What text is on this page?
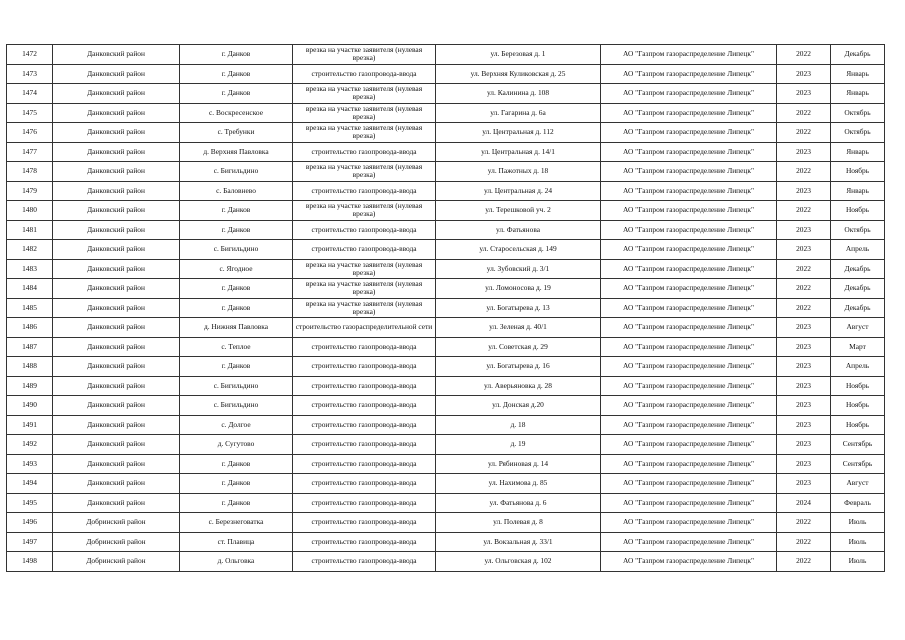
1472	Данковский район	г. Данков	врезка на участке заявителя (нулевая врезка)	ул. Березовая д. 1	АО "Газпром газораспределение Липецк"	2022	Декабрь
1473	Данковский район	г. Данков	строительство газопровода-ввода	ул. Верхняя Куликовская д. 25	АО "Газпром газораспределение Липецк"	2023	Январь
1474	Данковский район	г. Данков	врезка на участке заявителя (нулевая врезка)	ул. Калинина д. 108	АО "Газпром газораспределение Липецк"	2023	Январь
1475	Данковский район	с. Воскресенское	врезка на участке заявителя (нулевая врезка)	ул. Гагарина д. 6а	АО "Газпром газораспределение Липецк"	2022	Октябрь
1476	Данковский район	с. Требунки	врезка на участке заявителя (нулевая врезка)	ул. Центральная д. 112	АО "Газпром газораспределение Липецк"	2022	Октябрь
1477	Данковский район	д. Верхняя Павловка	строительство газопровода-ввода	ул. Центральная д. 14/1	АО "Газпром газораспределение Липецк"	2023	Январь
1478	Данковский район	с. Бигильдино	врезка на участке заявителя (нулевая врезка)	ул. Пажотных д. 18	АО "Газпром газораспределение Липецк"	2022	Ноябрь
1479	Данковский район	с. Баловнево	строительство газопровода-ввода	ул. Центральная д. 24	АО "Газпром газораспределение Липецк"	2023	Январь
1480	Данковский район	г. Данков	врезка на участке заявителя (нулевая врезка)	ул. Терешковой уч. 2	АО "Газпром газораспределение Липецк"	2022	Ноябрь
1481	Данковский район	г. Данков	строительство газопровода-ввода	ул. Фатьянова	АО "Газпром газораспределение Липецк"	2023	Октябрь
1482	Данковский район	с. Бигильдино	строительство газопровода-ввода	ул. Старосельская д. 149	АО "Газпром газораспределение Липецк"	2023	Апрель
1483	Данковский район	с. Ягодное	врезка на участке заявителя (нулевая врезка)	ул. Зубовский д. 3/1	АО "Газпром газораспределение Липецк"	2022	Декабрь
1484	Данковский район	г. Данков	врезка на участке заявителя (нулевая врезка)	ул. Ломоносова д. 19	АО "Газпром газораспределение Липецк"	2022	Декабрь
1485	Данковский район	г. Данков	врезка на участке заявителя (нулевая врезка)	ул. Богатырева д. 13	АО "Газпром газораспределение Липецк"	2022	Декабрь
1486	Данковский район	д. Нижняя Павловка	строительство газораспределительной сети	ул. Зеленая д. 40/1	АО "Газпром газораспределение Липецк"	2023	Август
1487	Данковский район	с. Теплое	строительство газопровода-ввода	ул. Советская д. 29	АО "Газпром газораспределение Липецк"	2023	Март
1488	Данковский район	г. Данков	строительство газопровода-ввода	ул. Богатырева д. 16	АО "Газпром газораспределение Липецк"	2023	Апрель
1489	Данковский район	с. Бигильдино	строительство газопровода-ввода	ул. Аверьяновка д. 28	АО "Газпром газораспределение Липецк"	2023	Ноябрь
1490	Данковский район	с. Бигильдино	строительство газопровода-ввода	ул. Донская д.20	АО "Газпром газораспределение Липецк"	2023	Ноябрь
1491	Данковский район	с. Долгое	строительство газопровода-ввода	д. 18	АО "Газпром газораспределение Липецк"	2023	Ноябрь
1492	Данковский район	д. Сугутово	строительство газопровода-ввода	д. 19	АО "Газпром газораспределение Липецк"	2023	Сентябрь
1493	Данковский район	г. Данков	строительство газопровода-ввода	ул. Рябиновая д. 14	АО "Газпром газораспределение Липецк"	2023	Сентябрь
1494	Данковский район	г. Данков	строительство газопровода-ввода	ул. Нахимова д. 85	АО "Газпром газораспределение Липецк"	2023	Август
1495	Данковский район	г. Данков	строительство газопровода-ввода	ул. Фатьянова д. 6	АО "Газпром газораспределение Липецк"	2024	Февраль
1496	Добринский район	с. Березнеговатка	строительство газопровода-ввода	ул. Полевая д. 8	АО "Газпром газораспределение Липецк"	2022	Июль
1497	Добринский район	ст. Плавица	строительство газопровода-ввода	ул. Вокзальная д. 33/1	АО "Газпром газораспределение Липецк"	2022	Июль
1498	Добринский район	д. Ольговка	строительство газопровода-ввода	ул. Ольговская д. 102	АО "Газпром газораспределение Липецк"	2022	Июль
